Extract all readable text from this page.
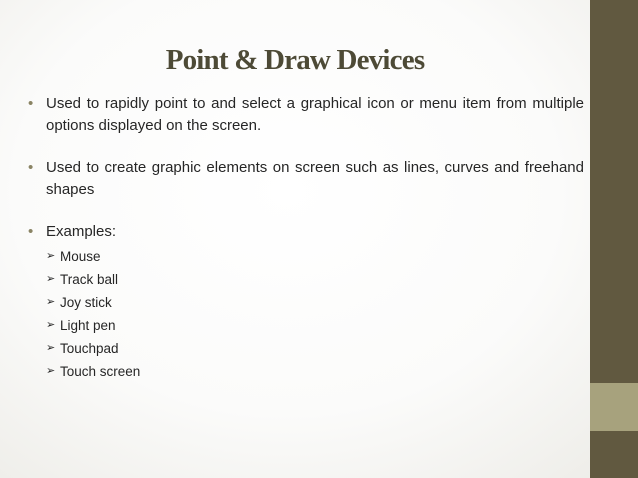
Point & Draw Devices
• Used to rapidly point to and select a graphical icon or menu item from multiple options displayed on the screen.
• Used to create graphic elements on screen such as lines, curves and freehand shapes
• Examples:
➢ Mouse
➢ Track ball
➢ Joy stick
➢ Light pen
➢ Touchpad
➢ Touch screen
